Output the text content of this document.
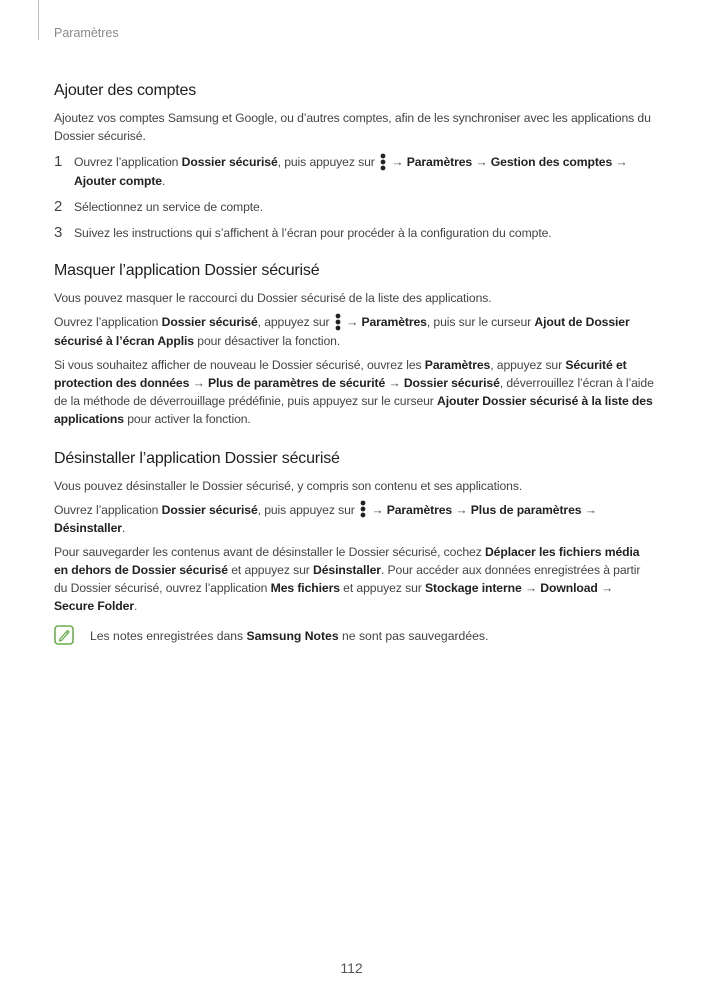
Paramètres
Ajouter des comptes

Ajoutez vos comptes Samsung et Google, ou d’autres comptes, afin de les synchroniser avec les applications du Dossier sécurisé.

1 Ouvrez l’application Dossier sécurisé, puis appuyez sur
→ Paramètres → Gestion des comptes → Ajouter compte.
2 Sélectionnez un service de compte.
3 Suivez les instructions qui s’affichent à l’écran pour procéder à la configuration du compte.
Masquer l’application Dossier sécurisé

Vous pouvez masquer le raccourci du Dossier sécurisé de la liste des applications.

Ouvrez l’application Dossier sécurisé, appuyez sur
→ Paramètres, puis sur le curseur Ajout de Dossier sécurisé à l’écran Applis pour désactiver la fonction.

Si vous souhaitez afficher de nouveau le Dossier sécurisé, ouvrez les Paramètres, appuyez sur Sécurité et protection des données → Plus de paramètres de sécurité → Dossier sécurisé, déverrouillez l’écran à l’aide de la méthode de déverrouillage prédéfinie, puis appuyez sur le curseur Ajouter Dossier sécurisé à la liste des applications pour activer la fonction.

Désinstaller l’application Dossier sécurisé

Vous pouvez désinstaller le Dossier sécurisé, y compris son contenu et ses applications.

Ouvrez l’application Dossier sécurisé, puis appuyez sur
→ Paramètres → Plus de paramètres → Désinstaller.

Pour sauvegarder les contenus avant de désinstaller le Dossier sécurisé, cochez Déplacer les fichiers média en dehors de Dossier sécurisé et appuyez sur Désinstaller. Pour accéder aux données enregistrées à partir du Dossier sécurisé, ouvrez l’application Mes fichiers et appuyez sur Stockage interne → Download → Secure Folder.

Les notes enregistrées dans Samsung Notes ne sont pas sauvegardées.
112
